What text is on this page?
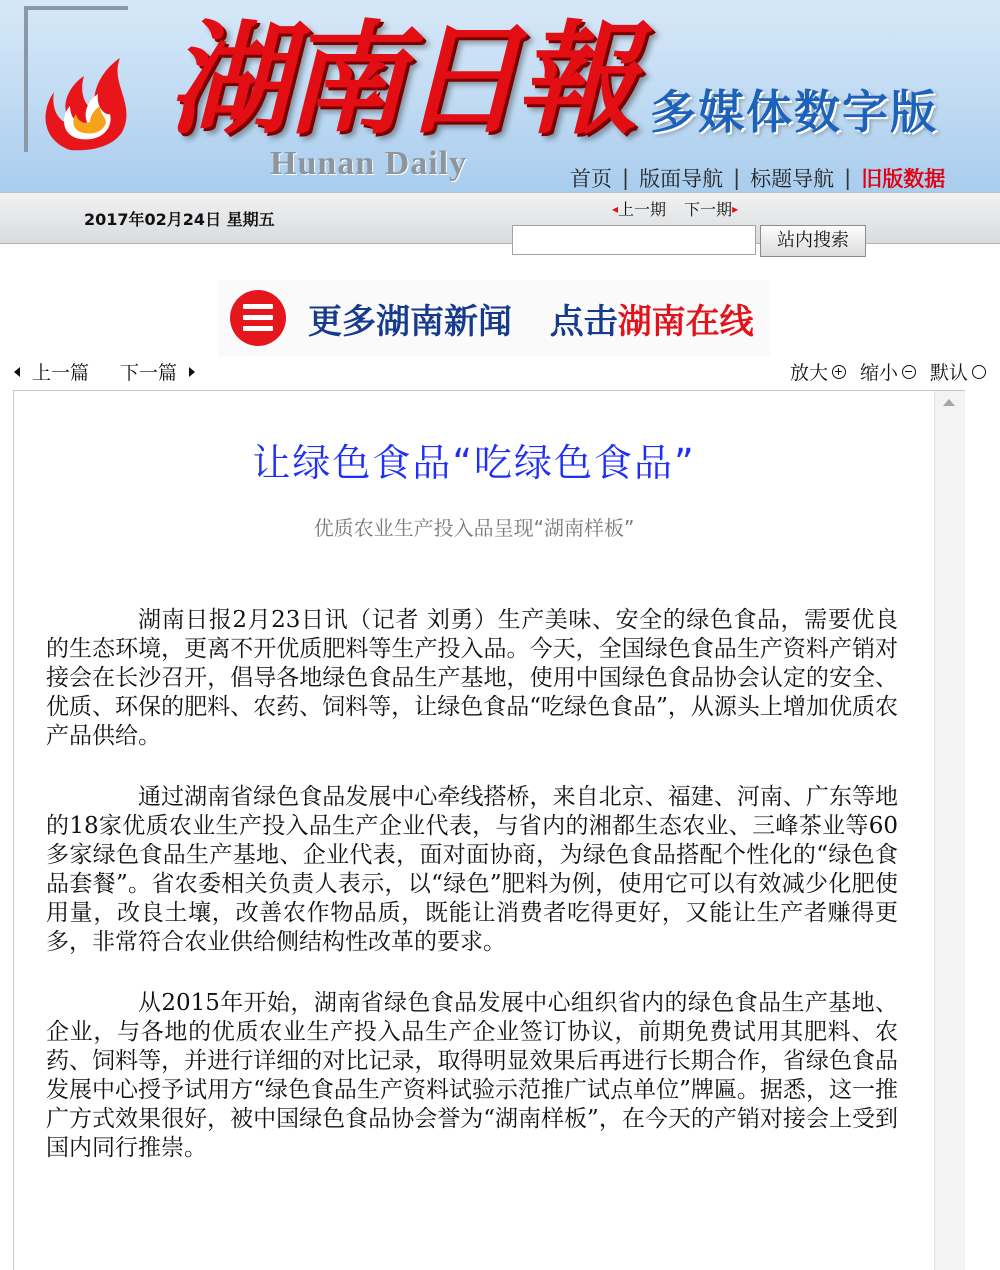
湖南日報
Hunan Daily
多媒体数字版
首页 | 版面导航 | 标题导航 | 旧版数据
2017年02月24日 星期五
◂ 上一期 下一期 ▸
站内搜索
更多湖南新闻 点击湖南在线
上一篇 下一篇	放大 缩小 默认
让绿色食品“吃绿色食品”
优质农业生产投入品呈现“湖南样板”

湖南日报2月23日讯（记者 刘勇）生产美味、安全的绿色食品，需要优良的生态环境，更离不开优质肥料等生产投入品。今天，全国绿色食品生产资料产销对接会在长沙召开，倡导各地绿色食品生产基地，使用中国绿色食品协会认定的安全、优质、环保的肥料、农药、饲料等，让绿色食品“吃绿色食品”，从源头上增加优质农产品供给。

通过湖南省绿色食品发展中心牵线搭桥，来自北京、福建、河南、广东等地的18家优质农业生产投入品生产企业代表，与省内的湘都生态农业、三峰茶业等60多家绿色食品生产基地、企业代表，面对面协商，为绿色食品搭配个性化的“绿色食品套餐”。省农委相关负责人表示，以“绿色”肥料为例，使用它可以有效减少化肥使用量，改良土壤，改善农作物品质，既能让消费者吃得更好，又能让生产者赚得更多，非常符合农业供给侧结构性改革的要求。

从2015年开始，湖南省绿色食品发展中心组织省内的绿色食品生产基地、企业，与各地的优质农业生产投入品生产企业签订协议，前期免费试用其肥料、农药、饲料等，并进行详细的对比记录，取得明显效果后再进行长期合作，省绿色食品发展中心授予试用方“绿色食品生产资料试验示范推广试点单位”牌匾。据悉，这一推广方式效果很好，被中国绿色食品协会誉为“湖南样板”，在今天的产销对接会上受到国内同行推崇。
